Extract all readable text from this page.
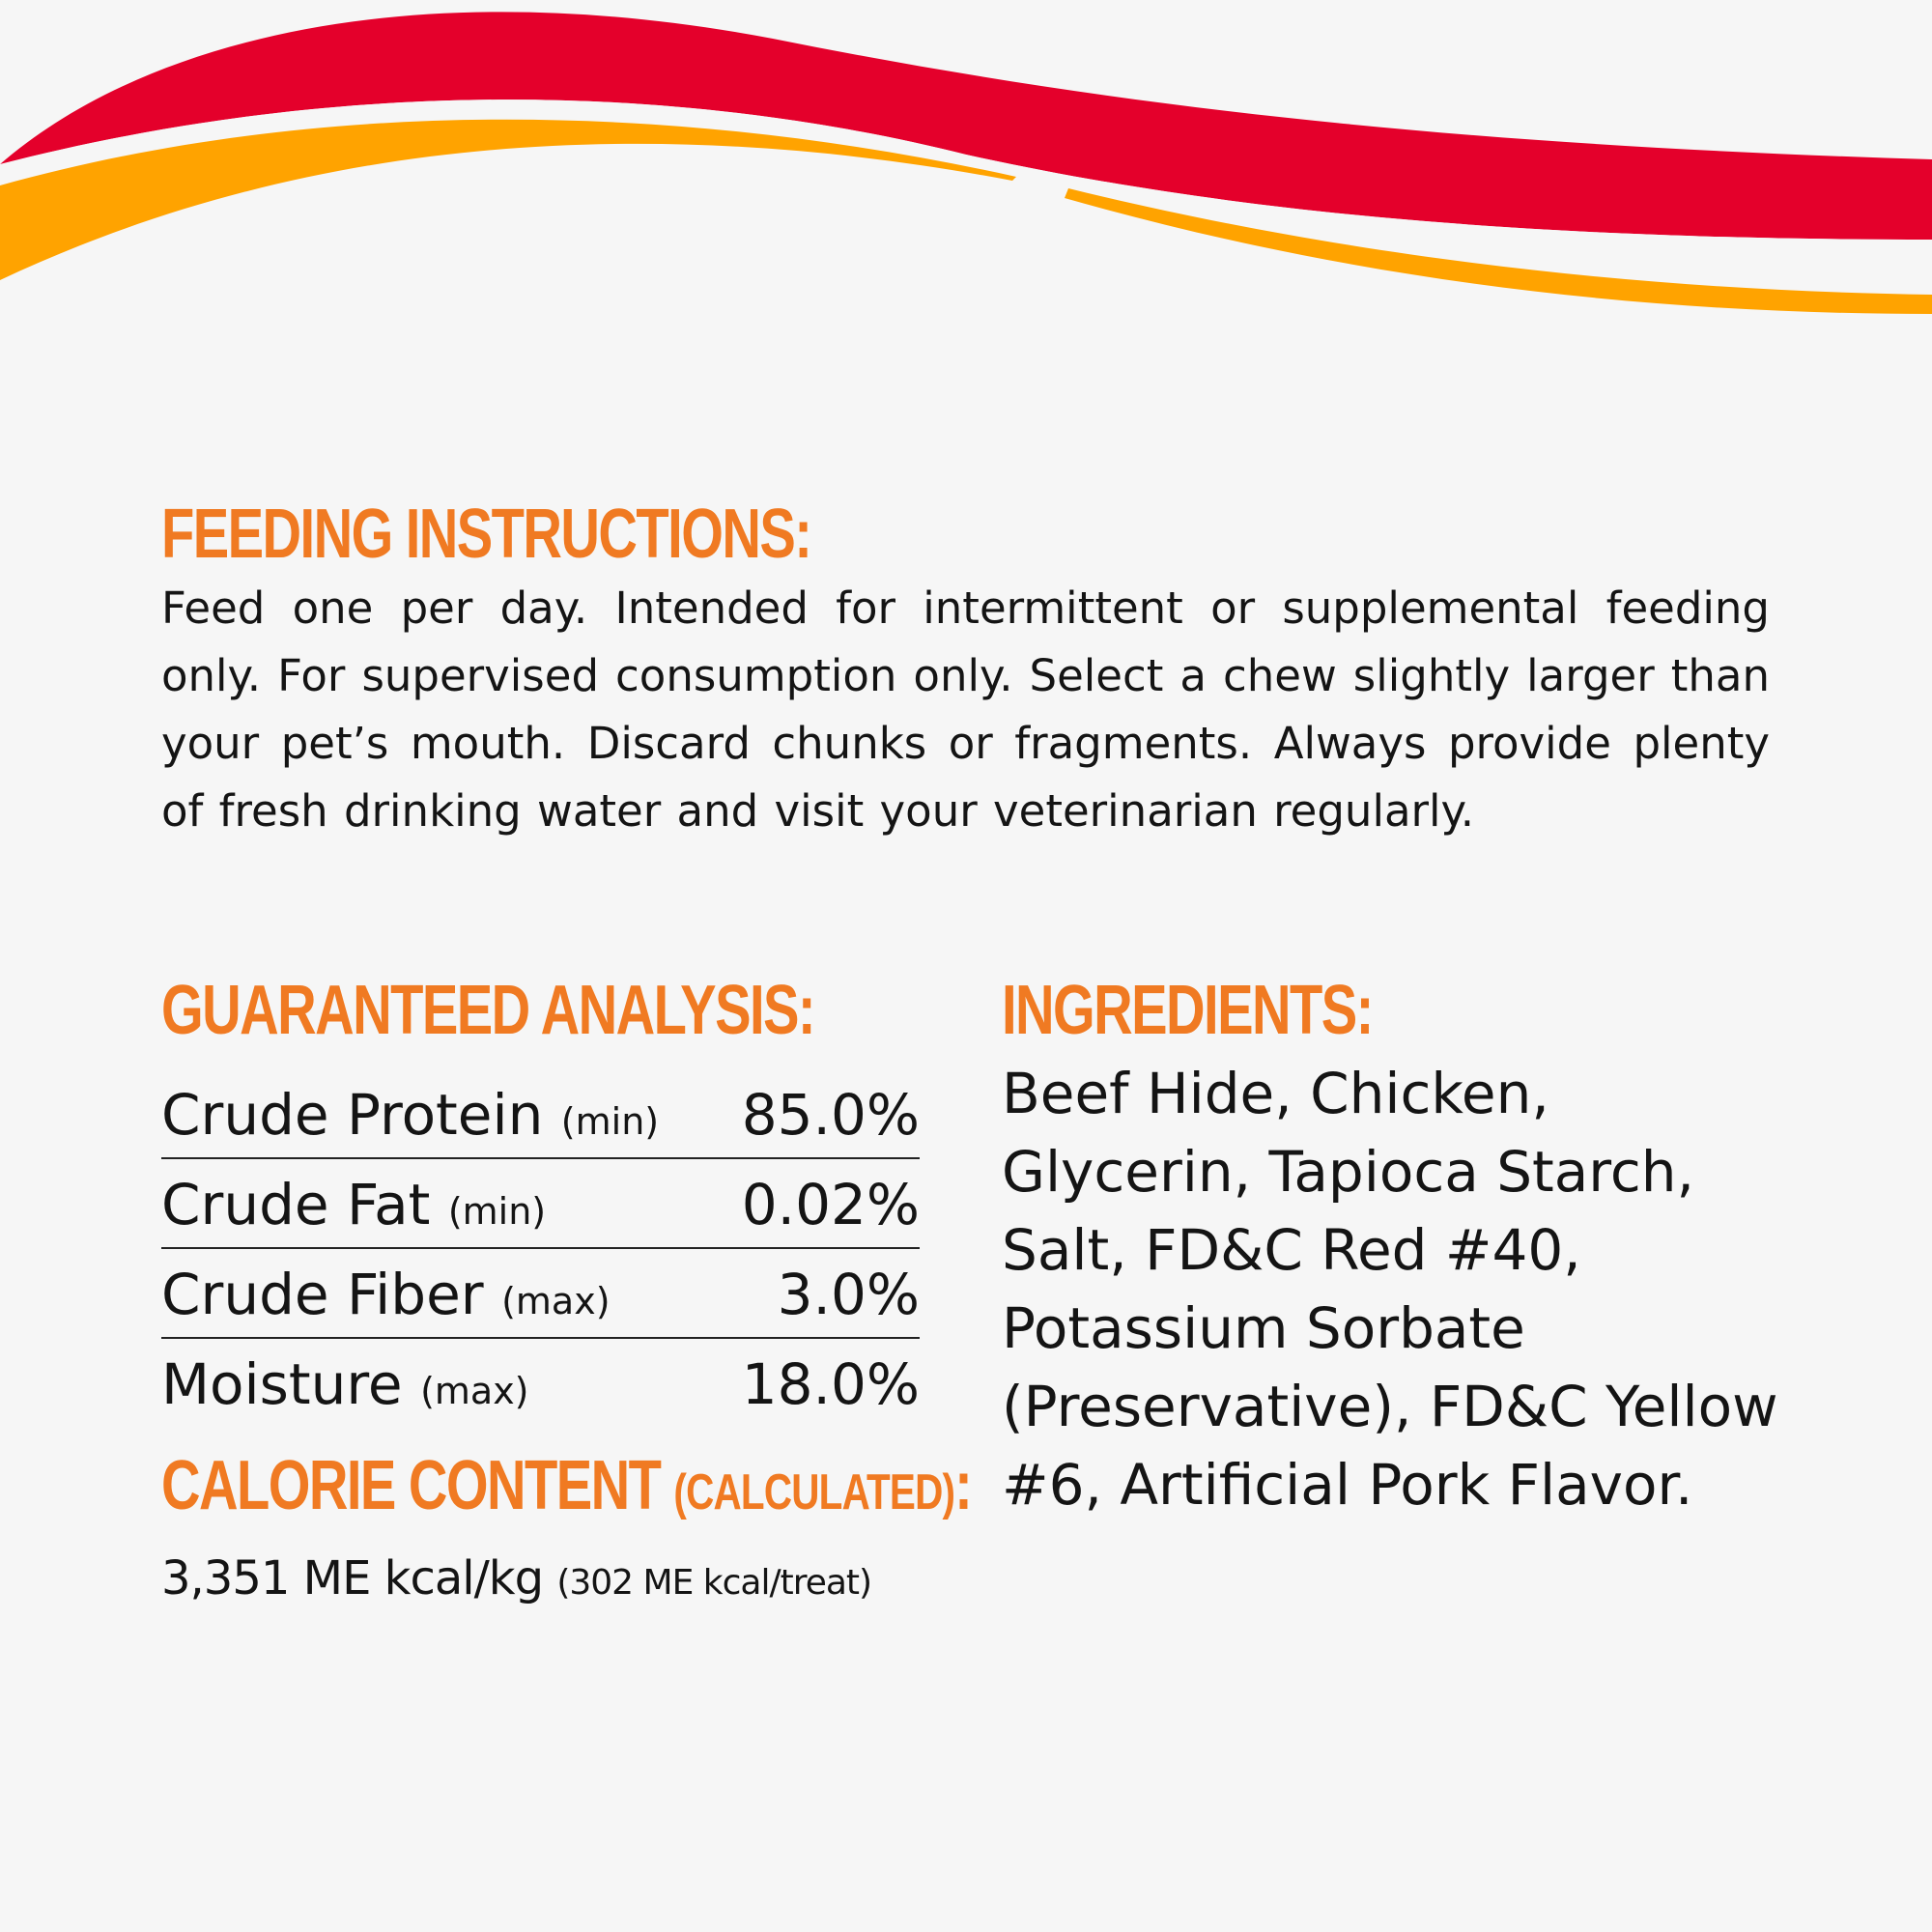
FEEDING INSTRUCTIONS:

Feed one per day. Intended for intermittent or supplemental feeding only. For supervised consumption only. Select a chew slightly larger than your pet’s mouth. Discard chunks or fragments. Always provide plenty of fresh drinking water and visit your veterinarian regularly.

GUARANTEED ANALYSIS:
Crude Protein (min) 85.0%
Crude Fat (min)	0.02%
Crude Fiber (max)	3.0%
Moisture (max)	18.0%
CALORIE CONTENT (CALCULATED):
3,351 ME kcal/kg (302 ME kcal/treat)
INGREDIENTS:

Beef Hide, Chicken, Glycerin, Tapioca Starch, Salt, FD&C Red #40, Potassium Sorbate (Preservative), FD&C Yellow #6, Artificial Pork Flavor.
